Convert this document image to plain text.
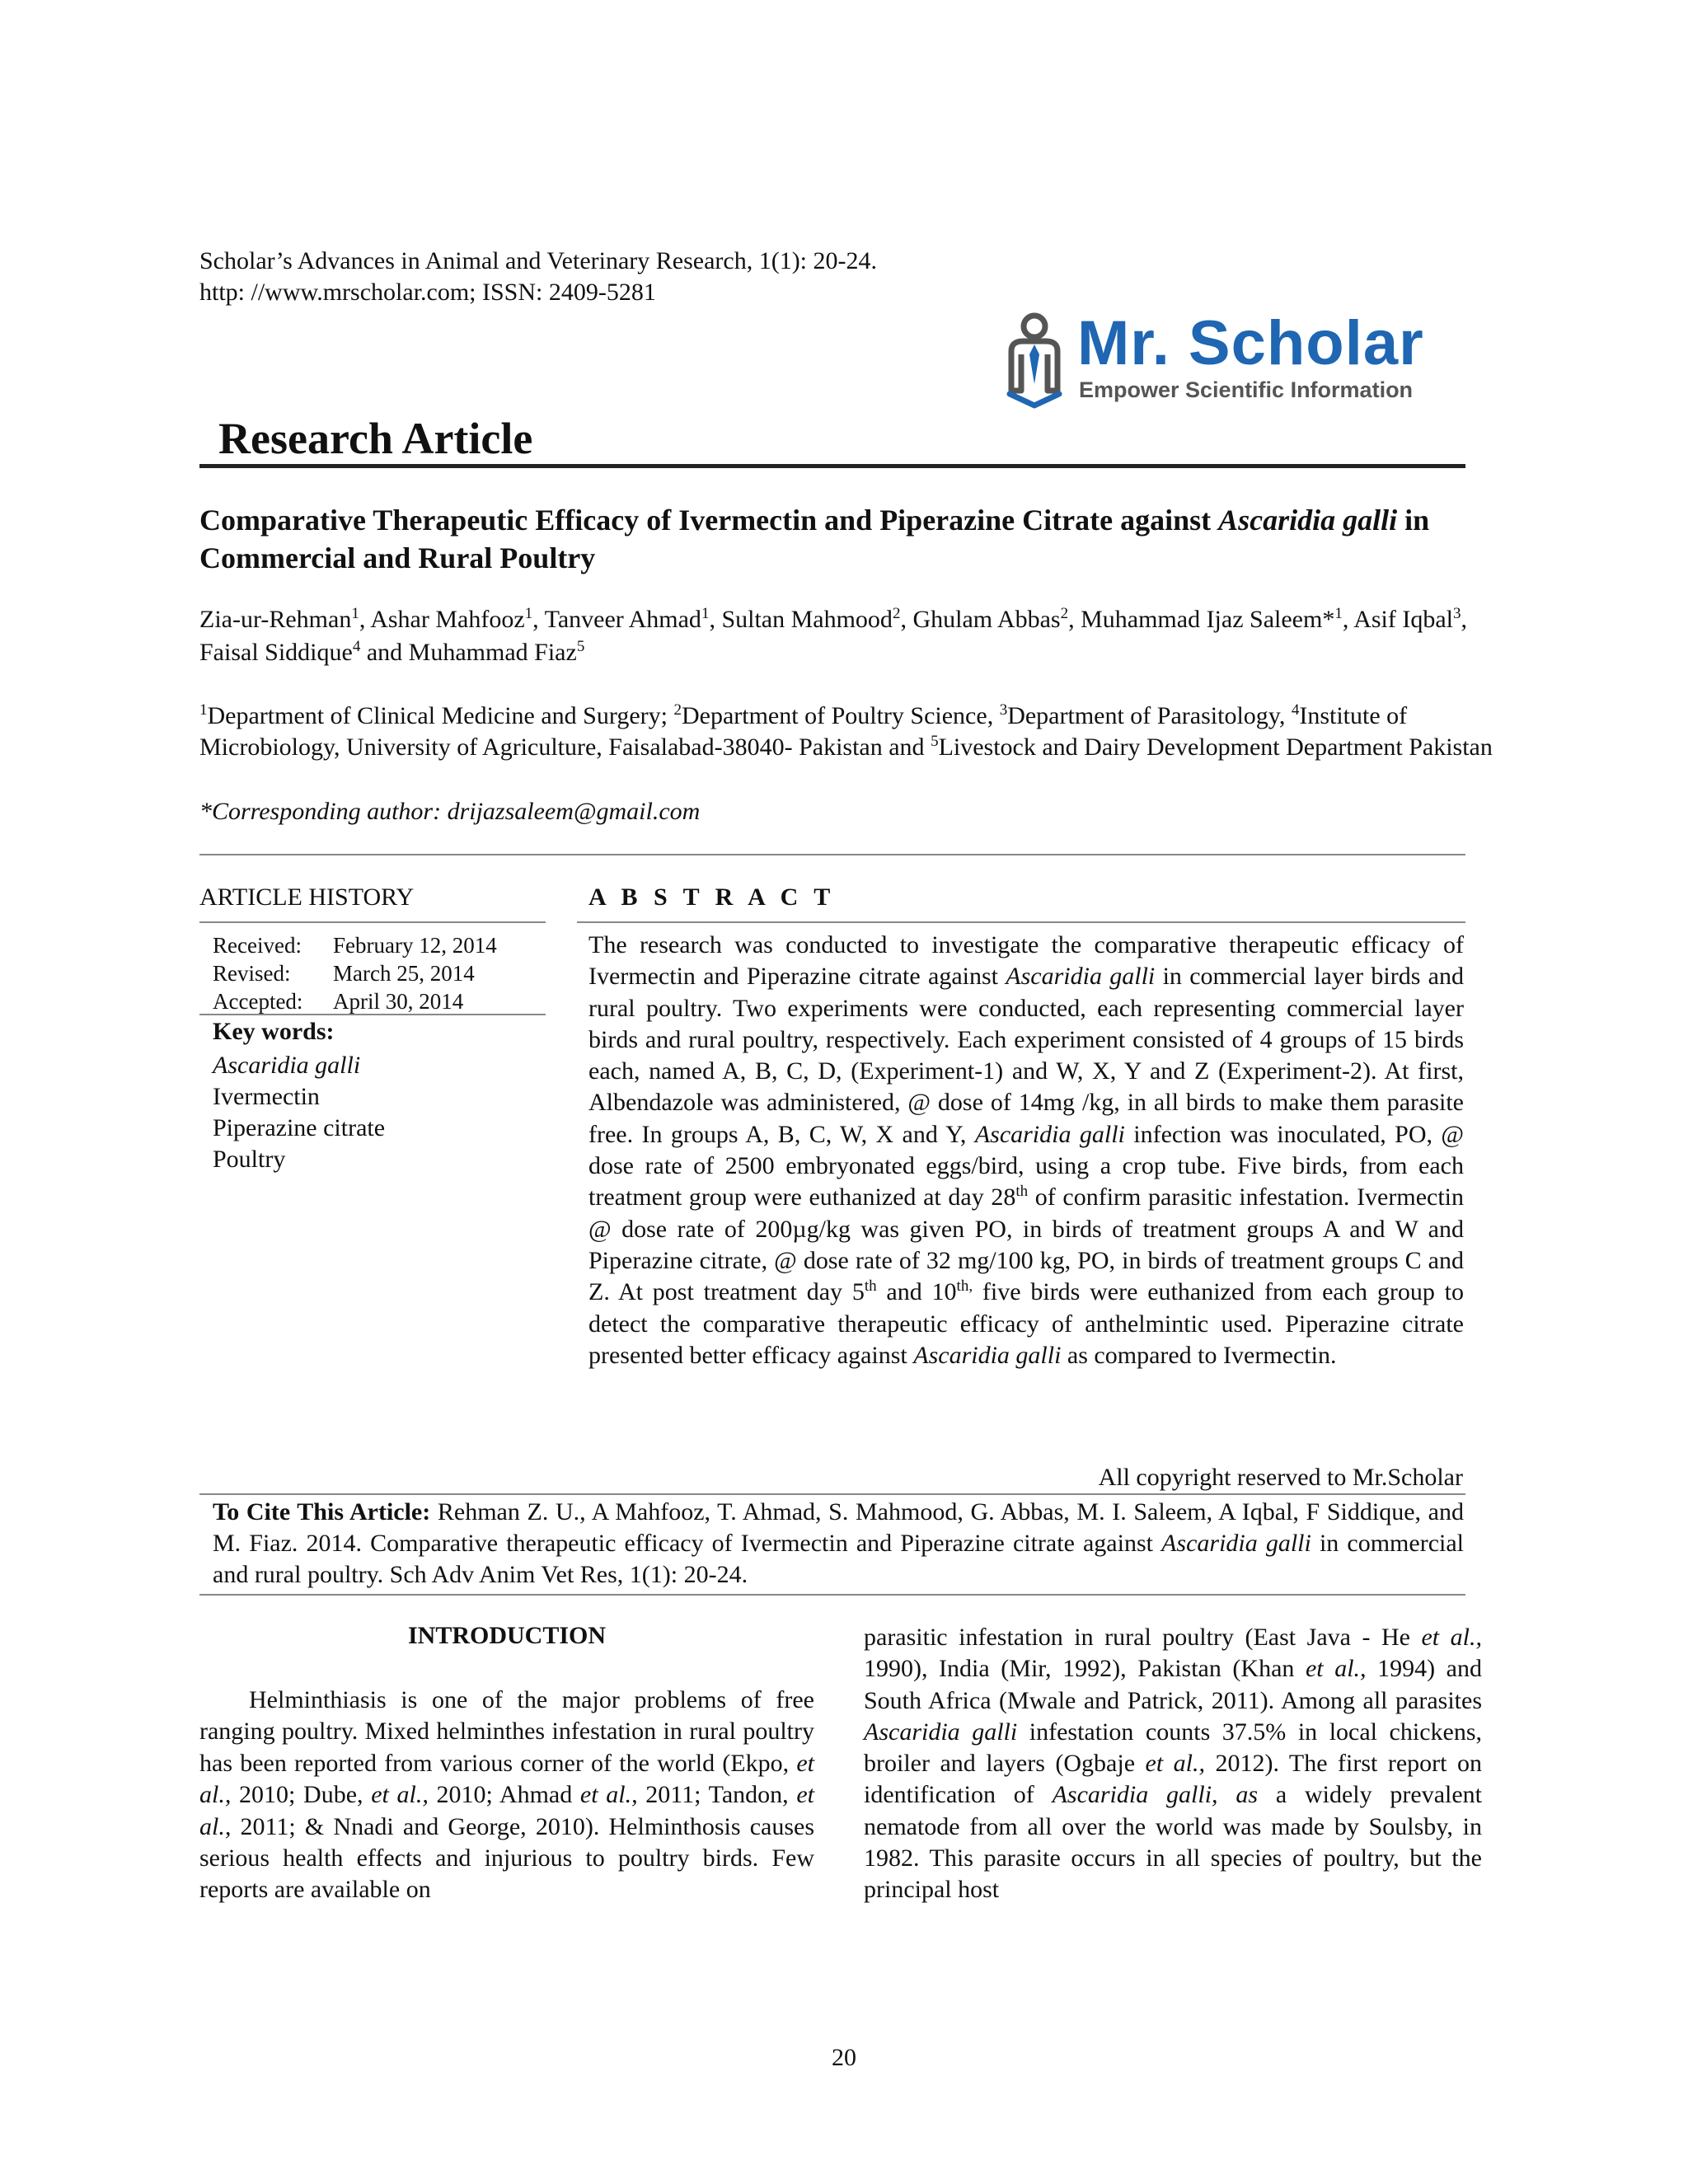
Scholar’s Advances in Animal and Veterinary Research, 1(1): 20-24.
http: //www.mrscholar.com; ISSN: 2409-5281
Mr. Scholar
Empower Scientific Information
Research Article
Comparative Therapeutic Efficacy of Ivermectin and Piperazine Citrate against Ascaridia galli in Commercial and Rural Poultry
Zia-ur-Rehman$^1$, Ashar Mahfooz$^1$, Tanveer Ahmad$^1$, Sultan Mahmood$^2$, Ghulam Abbas$^2$, Muhammad Ijaz Saleem*$^1$, Asif Iqbal$^3$, Faisal Siddique$^4$ and Muhammad Fiaz$^5$
$^1$Department of Clinical Medicine and Surgery; $^2$Department of Poultry Science, $^3$Department of Parasitology, $^4$Institute of Microbiology, University of Agriculture, Faisalabad-38040- Pakistan and $^5$Livestock and Dairy Development Department Pakistan
*Corresponding author: drijazsaleem@gmail.com
ARTICLE HISTORY
Received: February 12, 2014
Revised: March 25, 2014
Accepted: April 30, 2014
Key words:
Ascaridia galli
Ivermectin
Piperazine citrate
Poultry
A B S T R A C T
The research was conducted to investigate the comparative therapeutic efficacy of Ivermectin and Piperazine citrate against Ascaridia galli in commercial layer birds and rural poultry. Two experiments were conducted, each representing commercial layer birds and rural poultry, respectively. Each experiment consisted of 4 groups of 15 birds each, named A, B, C, D, (Experiment-1) and W, X, Y and Z (Experiment-2). At first, Albendazole was administered, @ dose of 14mg /kg, in all birds to make them parasite free. In groups A, B, C, W, X and Y, Ascaridia galli infection was inoculated, PO, @ dose rate of 2500 embryonated eggs/bird, using a crop tube. Five birds, from each treatment group were euthanized at day 28th of confirm parasitic infestation. Ivermectin @ dose rate of 200µg/kg was given PO, in birds of treatment groups A and W and Piperazine citrate, @ dose rate of 32 mg/100 kg, PO, in birds of treatment groups C and Z. At post treatment day 5th and $10^{th,}$ five birds were euthanized from each group to detect the comparative therapeutic efficacy of anthelmintic used. Piperazine citrate presented better efficacy against Ascaridia galli as compared to Ivermectin.
All copyright reserved to Mr.Scholar
To Cite This Article: Rehman Z. U., A Mahfooz, T. Ahmad, S. Mahmood, G. Abbas, M. I. Saleem, A Iqbal, F Siddique, and M. Fiaz. 2014. Comparative therapeutic efficacy of Ivermectin and Piperazine citrate against Ascaridia galli in commercial and rural poultry. Sch Adv Anim Vet Res, 1(1): 20-24.
INTRODUCTION
Helminthiasis is one of the major problems of free ranging poultry. Mixed helminthes infestation in rural poultry has been reported from various corner of the world (Ekpo, et al., 2010; Dube, et al., 2010; Ahmad et al., 2011; Tandon, et al., 2011; & Nnadi and George, 2010). Helminthosis causes serious health effects and injurious to poultry birds. Few reports are available on
parasitic infestation in rural poultry (East Java - He et al., 1990), India (Mir, 1992), Pakistan (Khan et al., 1994) and South Africa (Mwale and Patrick, 2011). Among all parasites Ascaridia galli infestation counts 37.5% in local chickens, broiler and layers (Ogbaje et al., 2012). The first report on identification of Ascaridia galli, as a widely prevalent nematode from all over the world was made by Soulsby, in 1982. This parasite occurs in all species of poultry, but the principal host
20
